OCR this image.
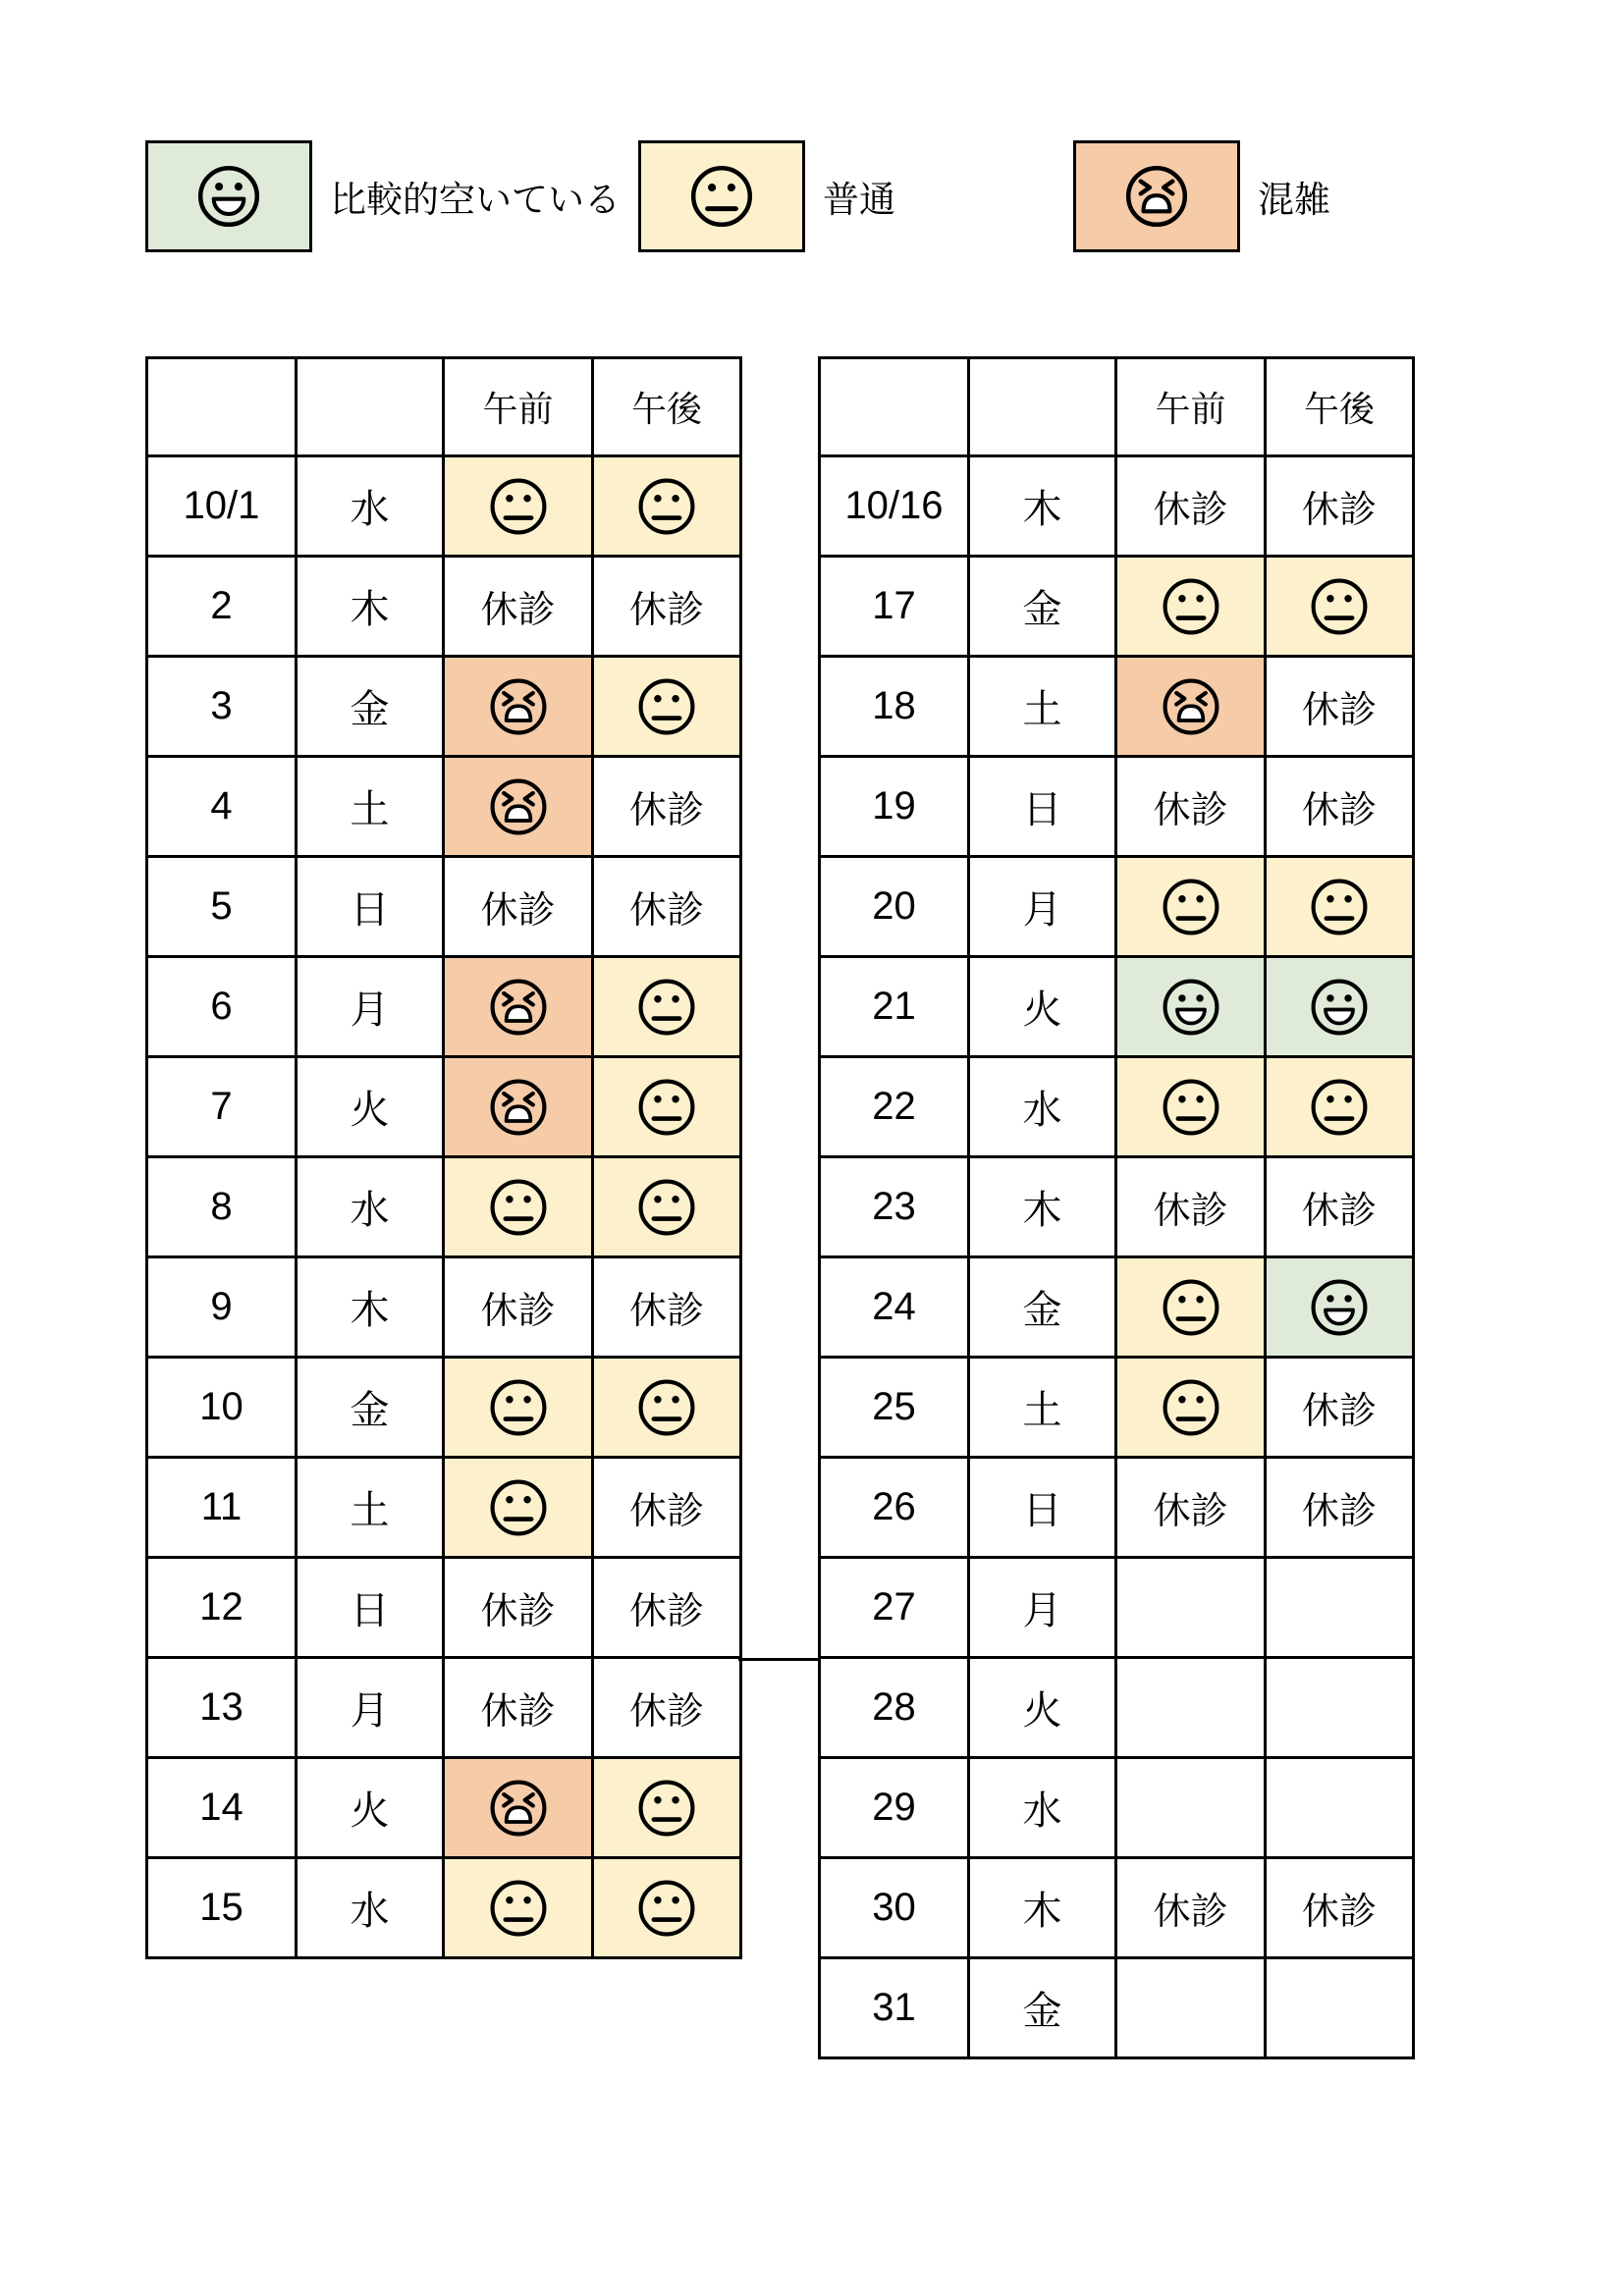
比較的空いている	普通	混雑
		午前	午後
10/1	水		
2	木	休診	休診
3	金		
4	土		休診
5	日	休診	休診
6	月		
7	火		
8	水		
9	木	休診	休診
10	金		
11	土		休診
12	日	休診	休診
13	月	休診	休診
14	火		
15	水		
		午前	午後
10/16	木	休診	休診
17	金		
18	土		休診
19	日	休診	休診
20	月		
21	火		
22	水		
23	木	休診	休診
24	金		
25	土		休診
26	日	休診	休診
27	月		
28	火		
29	水		
30	木	休診	休診
31	金		
